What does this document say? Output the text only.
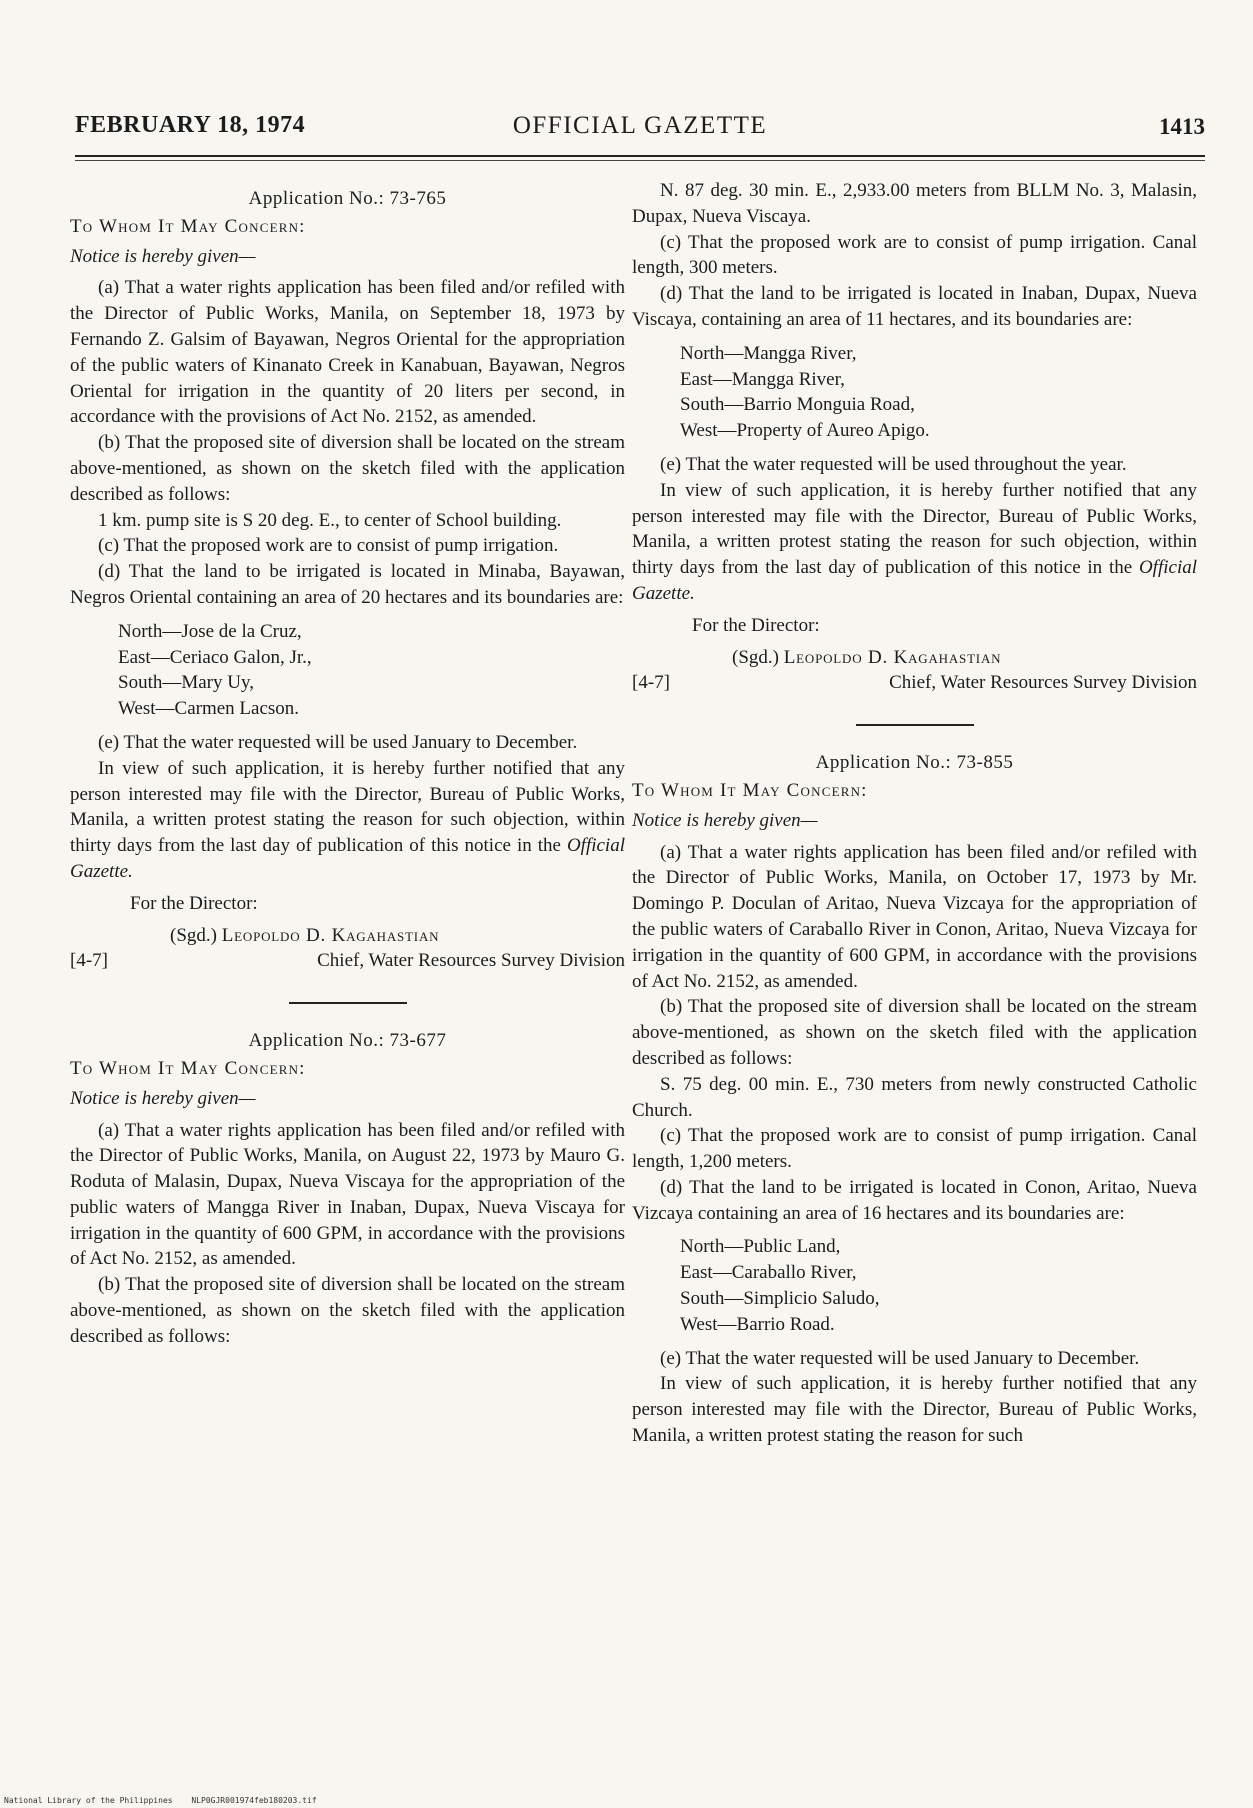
FEBRUARY 18, 1974	OFFICIAL GAZETTE	1413

Application No.: 73-765

To Whom It May Concern:

Notice is hereby given—

(a) That a water rights application has been filed and/or refiled with the Director of Public Works, Manila, on September 18, 1973 by Fernando Z. Galsim of Bayawan, Negros Oriental for the appropriation of the public waters of Kinanato Creek in Kanabuan, Bayawan, Negros Oriental for irrigation in the quantity of 20 liters per second, in accordance with the provisions of Act No. 2152, as amended.

(b) That the proposed site of diversion shall be located on the stream above-mentioned, as shown on the sketch filed with the application described as follows:

1 km. pump site is S 20 deg. E., to center of School building.

(c) That the proposed work are to consist of pump irrigation.

(d) That the land to be irrigated is located in Minaba, Bayawan, Negros Oriental containing an area of 20 hectares and its boundaries are:

North—Jose de la Cruz,
East—Ceriaco Galon, Jr.,
South—Mary Uy,
West—Carmen Lacson.

(e) That the water requested will be used January to December.

In view of such application, it is hereby further notified that any person interested may file with the Director, Bureau of Public Works, Manila, a written protest stating the reason for such objection, within thirty days from the last day of publication of this notice in the Official Gazette.

For the Director:

(Sgd.) Leopoldo D. Kagahastian

[4-7]	Chief, Water Resources Survey Division

Application No.: 73-677

To Whom It May Concern:

Notice is hereby given—

(a) That a water rights application has been filed and/or refiled with the Director of Public Works, Manila, on August 22, 1973 by Mauro G. Roduta of Malasin, Dupax, Nueva Viscaya for the appropriation of the public waters of Mangga River in Inaban, Dupax, Nueva Viscaya for irrigation in the quantity of 600 GPM, in accordance with the provisions of Act No. 2152, as amended.

(b) That the proposed site of diversion shall be located on the stream above-mentioned, as shown on the sketch filed with the application described as follows:

N. 87 deg. 30 min. E., 2,933.00 meters from BLLM No. 3, Malasin, Dupax, Nueva Viscaya.

(c) That the proposed work are to consist of pump irrigation. Canal length, 300 meters.

(d) That the land to be irrigated is located in Inaban, Dupax, Nueva Viscaya, containing an area of 11 hectares, and its boundaries are:

North—Mangga River,
East—Mangga River,
South—Barrio Monguia Road,
West—Property of Aureo Apigo.

(e) That the water requested will be used throughout the year.

In view of such application, it is hereby further notified that any person interested may file with the Director, Bureau of Public Works, Manila, a written protest stating the reason for such objection, within thirty days from the last day of publication of this notice in the Official Gazette.

For the Director:

(Sgd.) Leopoldo D. Kagahastian

[4-7]	Chief, Water Resources Survey Division

Application No.: 73-855

To Whom It May Concern:

Notice is hereby given—

(a) That a water rights application has been filed and/or refiled with the Director of Public Works, Manila, on October 17, 1973 by Mr. Domingo P. Doculan of Aritao, Nueva Vizcaya for the appropriation of the public waters of Caraballo River in Conon, Aritao, Nueva Vizcaya for irrigation in the quantity of 600 GPM, in accordance with the provisions of Act No. 2152, as amended.

(b) That the proposed site of diversion shall be located on the stream above-mentioned, as shown on the sketch filed with the application described as follows:

S. 75 deg. 00 min. E., 730 meters from newly constructed Catholic Church.

(c) That the proposed work are to consist of pump irrigation. Canal length, 1,200 meters.

(d) That the land to be irrigated is located in Conon, Aritao, Nueva Vizcaya containing an area of 16 hectares and its boundaries are:

North—Public Land,
East—Caraballo River,
South—Simplicio Saludo,
West—Barrio Road.

(e) That the water requested will be used January to December.

In view of such application, it is hereby further notified that any person interested may file with the Director, Bureau of Public Works, Manila, a written protest stating the reason for such

National Library of the Philippines NLP0GJR001974feb180203.tif
